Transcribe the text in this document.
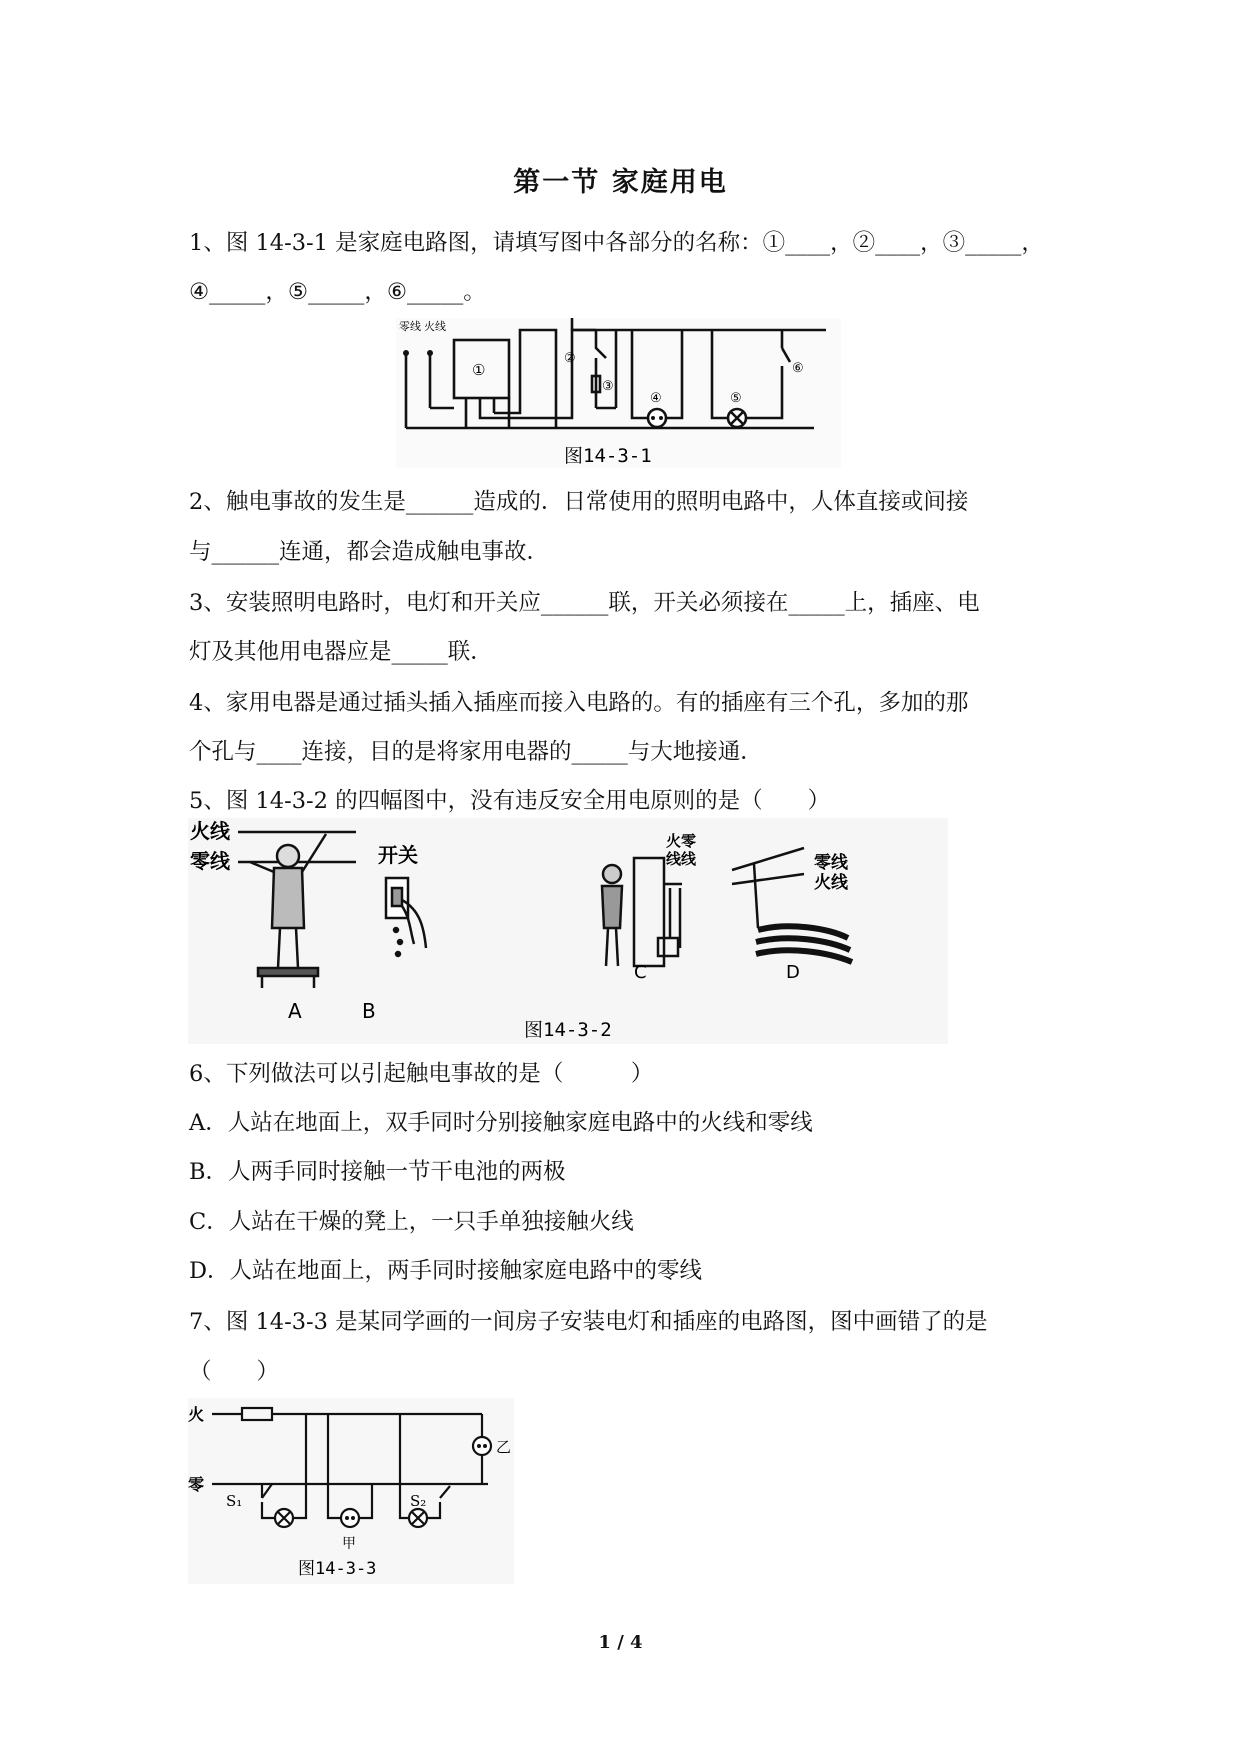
第一节 家庭用电
1、图 14-3-1 是家庭电路图，请填写图中各部分的名称：①____，②____，③_____，
④_____，⑤_____，⑥_____。
零线 火线
①
②
③
④	⑤
⑥
图14-3-1
2、触电事故的发生是______造成的．日常使用的照明电路中，人体直接或间接
与______连通，都会造成触电事故．
3、安装照明电路时，电灯和开关应______联，开关必须接在_____上，插座、电
灯及其他用电器应是_____联．
4、家用电器是通过插头插入插座而接入电路的。有的插座有三个孔，多加的那
个孔与____连接，目的是将家用电器的_____与大地接通．
5、图 14-3-2 的四幅图中，没有违反安全用电原则的是（　　）
火线
零线
A
开关
B
火零
线线
C
零线
火线
D
图14-3-2
6、下列做法可以引起触电事故的是（　　　）
A．人站在地面上，双手同时分别接触家庭电路中的火线和零线
B．人两手同时接触一节干电池的两极
C．人站在干燥的凳上，一只手单独接触火线
D．人站在地面上，两手同时接触家庭电路中的零线
7、图 14-3-3 是某同学画的一间房子安装电灯和插座的电路图，图中画错了的是
（　　）
火
零
S₁	S₂
甲
乙
图14-3-3
1 / 4
